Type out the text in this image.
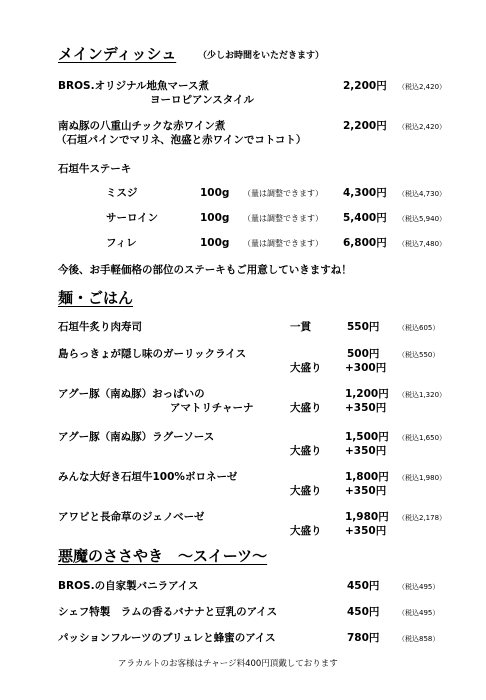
メインディッシュ （少しお時間をいただきます）
BROS.オリジナル地魚マース煮
ヨーロピアンスタイル
2,200円 （税込2,420）
南ぬ豚の八重山チックな赤ワイン煮
（石垣パインでマリネ、泡盛と赤ワインでコトコト）
2,200円 （税込2,420）
石垣牛ステーキ
ミスジ	100g （量は調整できます） 4,300円 （税込4,730）
サーロイン	100g （量は調整できます） 5,400円 （税込5,940）
フィレ	100g （量は調整できます） 6,800円 （税込7,480）
今後、お手軽価格の部位のステーキもご用意していきますね！
麺・ごはん
石垣牛炙り肉寿司	一貫	550円	（税込605）
島らっきょが隠し味のガーリックライス	500円	（税込550）
大盛り +300円
アグー豚（南ぬ豚）おっぱいの
アマトリチャーナ
1,200円 （税込1,320）
大盛り +350円
アグー豚（南ぬ豚）ラグーソース	1,500円 （税込1,650）
大盛り +350円
みんな大好き石垣牛100%ボロネーゼ	1,800円 （税込1,980）
大盛り +350円
アワビと長命草のジェノベーゼ	1,980円 （税込2,178）
大盛り +350円
悪魔のささやき　～スイーツ～
BROS.の自家製バニラアイス	450円	（税込495）
シェフ特製　ラムの香るバナナと豆乳のアイス	450円	（税込495）
パッションフルーツのブリュレと蜂蜜のアイス	780円	（税込858）
アラカルトのお客様はチャージ料400円頂戴しております
